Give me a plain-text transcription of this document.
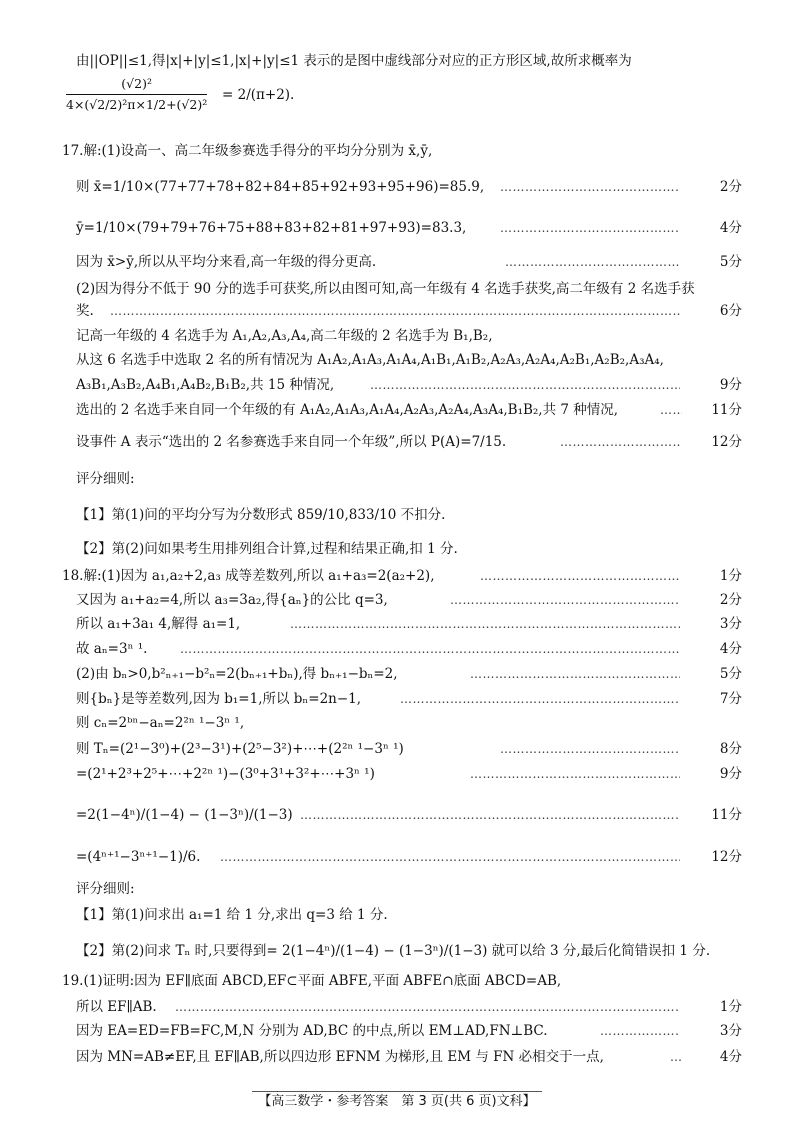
由||OP||≤1,得|x|+|y|≤1,|x|+|y|≤1 表示的是图中虚线部分对应的正方形区域,故所求概率为
$\frac{\text{(√2)²}}{\text{4×(√2/2)²π×1/2+(√2)²}} = 2/(\pi+2)$.
17.解:(1)设高一、高二年级参赛选手得分的平均分分别为 x̄,ȳ,
则 x̄=1/10×(77+77+78+82+84+85+92+93+95+96)=85.9, ……………………………………………………………………………………………………………………………………………………………………………………………………………	2分
ȳ=1/10×(79+79+76+75+88+83+82+81+97+93)=83.3, ……………………………………………………………………………………………………………………………………………………………………………………………………………	4分
因为 x̄>ȳ,所以从平均分来看,高一年级的得分更高. ……………………………………………………………………………………………………………………………………………………………………………………………………………	5分
(2)因为得分不低于 90 分的选手可获奖,所以由图可知,高一年级有 4 名选手获奖,高二年级有 2 名选手获
奖. ……………………………………………………………………………………………………………………………………………………………………………………………………………	6分
记高一年级的 4 名选手为 A₁,A₂,A₃,A₄,高二年级的 2 名选手为 B₁,B₂,
从这 6 名选手中选取 2 名的所有情况为 A₁A₂,A₁A₃,A₁A₄,A₁B₁,A₁B₂,A₂A₃,A₂A₄,A₂B₁,A₂B₂,A₃A₄,
A₃B₁,A₃B₂,A₄B₁,A₄B₂,B₁B₂,共 15 种情况, ……………………………………………………………………………………………………………………………………………………………………………………………………………	9分
选出的 2 名选手来自同一个年级的有 A₁A₂,A₁A₃,A₁A₄,A₂A₃,A₂A₄,A₃A₄,B₁B₂,共 7 种情况, ……………………………………………………………………………………………………………………………………………………………………………………………………………	11分
设事件 A 表示“选出的 2 名参赛选手来自同一个年级”,所以 P(A)=7/15. ……………………………………………………………………………………………………………………………………………………………………………………………………………	12分
评分细则:
【1】第(1)问的平均分写为分数形式 859/10,833/10 不扣分.
【2】第(2)问如果考生用排列组合计算,过程和结果正确,扣 1 分.
18.解:(1)因为 a₁,a₂+2,a₃ 成等差数列,所以 a₁+a₃=2(a₂+2), ……………………………………………………………………………………………………………………………………………………………………………………………………………	1分
又因为 a₁+a₂=4,所以 a₃=3a₂,得{aₙ}的公比 q=3, ……………………………………………………………………………………………………………………………………………………………………………………………………………	2分
所以 a₁+3a₁ 4,解得 a₁=1, ……………………………………………………………………………………………………………………………………………………………………………………………………………	3分
故 aₙ=3ⁿ ¹. ……………………………………………………………………………………………………………………………………………………………………………………………………………	4分
(2)由 bₙ>0,b²ₙ₊₁−b²ₙ=2(bₙ₊₁+bₙ),得 bₙ₊₁−bₙ=2, ……………………………………………………………………………………………………………………………………………………………………………………………………………	5分
则{bₙ}是等差数列,因为 b₁=1,所以 bₙ=2n−1, ……………………………………………………………………………………………………………………………………………………………………………………………………………	7分
则 cₙ=2ᵇⁿ−aₙ=2²ⁿ ¹−3ⁿ ¹,
则 Tₙ=(2¹−3⁰)+(2³−3¹)+(2⁵−3²)+⋯+(2²ⁿ ¹−3ⁿ ¹) ……………………………………………………………………………………………………………………………………………………………………………………………………………	8分
=(2¹+2³+2⁵+⋯+2²ⁿ ¹)−(3⁰+3¹+3²+⋯+3ⁿ ¹) ……………………………………………………………………………………………………………………………………………………………………………………………………………	9分
=2(1−4ⁿ)/(1−4) − (1−3ⁿ)/(1−3) ……………………………………………………………………………………………………………………………………………………………………………………………………………	11分
=(4ⁿ⁺¹−3ⁿ⁺¹−1)/6. ……………………………………………………………………………………………………………………………………………………………………………………………………………	12分
评分细则:
【1】第(1)问求出 a₁=1 给 1 分,求出 q=3 给 1 分.
【2】第(2)问求 Tₙ 时,只要得到= 2(1−4ⁿ)/(1−4) − (1−3ⁿ)/(1−3) 就可以给 3 分,最后化简错误扣 1 分.
19.(1)证明:因为 EF∥底面 ABCD,EF⊂平面 ABFE,平面 ABFE∩底面 ABCD=AB,
所以 EF∥AB. ……………………………………………………………………………………………………………………………………………………………………………………………………………	1分
因为 EA=ED=FB=FC,M,N 分别为 AD,BC 的中点,所以 EM⊥AD,FN⊥BC. ……………………………………………………………………………………………………………………………………………………………………………………………………………	3分
因为 MN=AB≠EF,且 EF∥AB,所以四边形 EFNM 为梯形,且 EM 与 FN 必相交于一点, ……………………………………………………………………………………………………………………………………………………………………………………………………………	4分
【高三数学・参考答案　第 3 页(共 6 页)文科】
